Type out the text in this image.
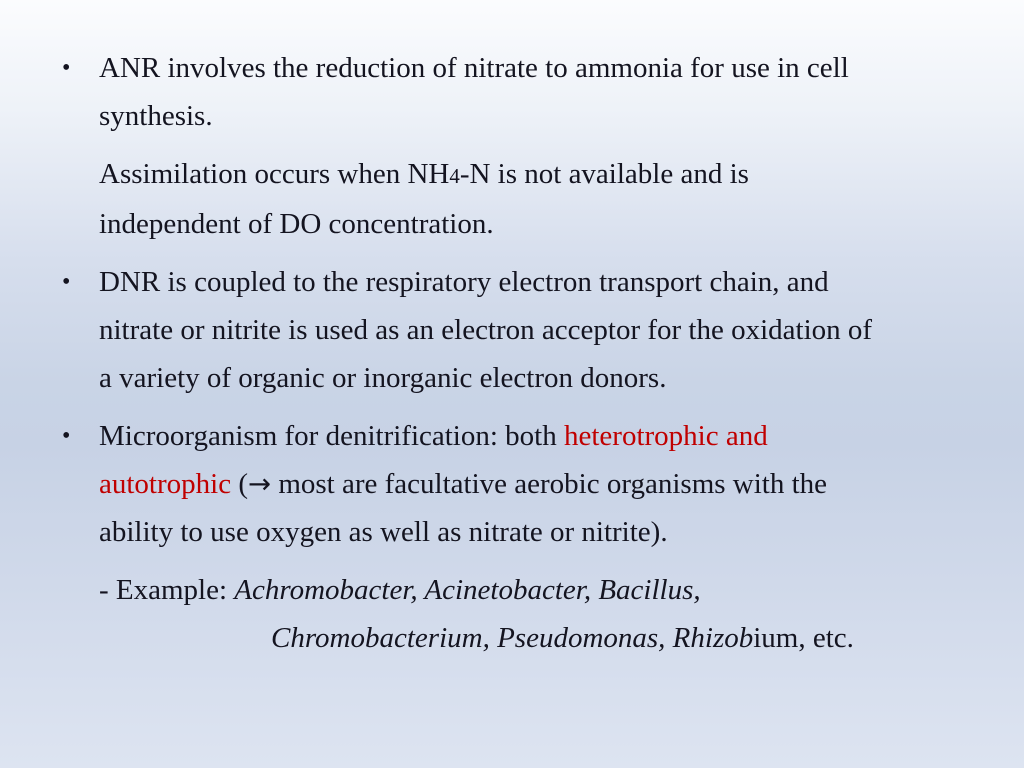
• ANR involves the reduction of nitrate to ammonia for use in cell
synthesis.
Assimilation occurs when NH4-N is not available and is
independent of DO concentration.
• DNR is coupled to the respiratory electron transport chain, and
nitrate or nitrite is used as an electron acceptor for the oxidation of
a variety of organic or inorganic electron donors.
• Microorganism for denitrification: both heterotrophic and
autotrophic (→ most are facultative aerobic organisms with the
ability to use oxygen as well as nitrate or nitrite).
- Example: Achromobacter, Acinetobacter, Bacillus,
Chromobacterium, Pseudomonas, Rhizobium, etc.
